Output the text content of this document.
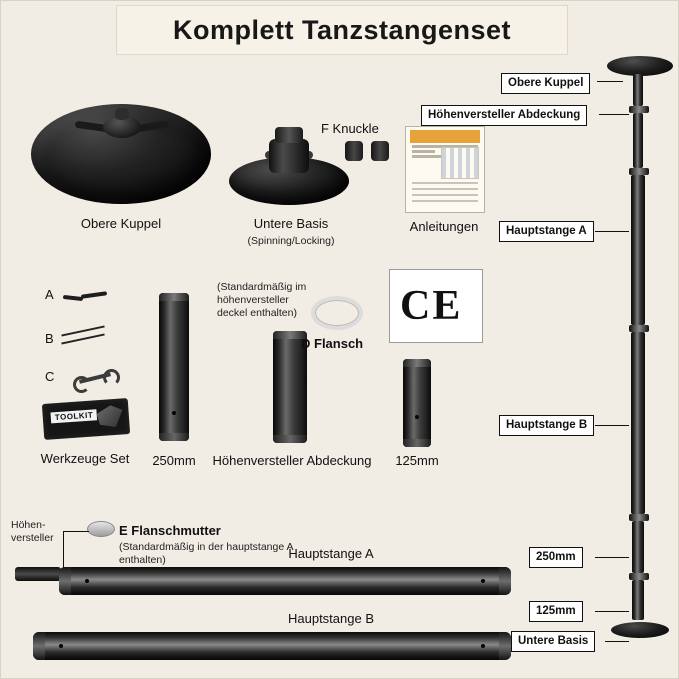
Komplett Tanzstangenset
Obere Kuppel	Untere Basis
(Spinning/Locking)
F Knuckle
Anleitungen
A
B
C
TOOLKIT
Werkzeuge Set	250mm	Höhenversteller Abdeckung
D Flansch
(Standardmäßig im höhenversteller deckel enthalten)	CE
125mm
Höhen-versteller
E Flanschmutter
(Standardmäßig in der hauptstange A enthalten)	Hauptstange A
Hauptstange B
Obere Kuppel
Höhenversteller Abdeckung
Hauptstange A
Hauptstange B
250mm
125mm
Untere Basis
